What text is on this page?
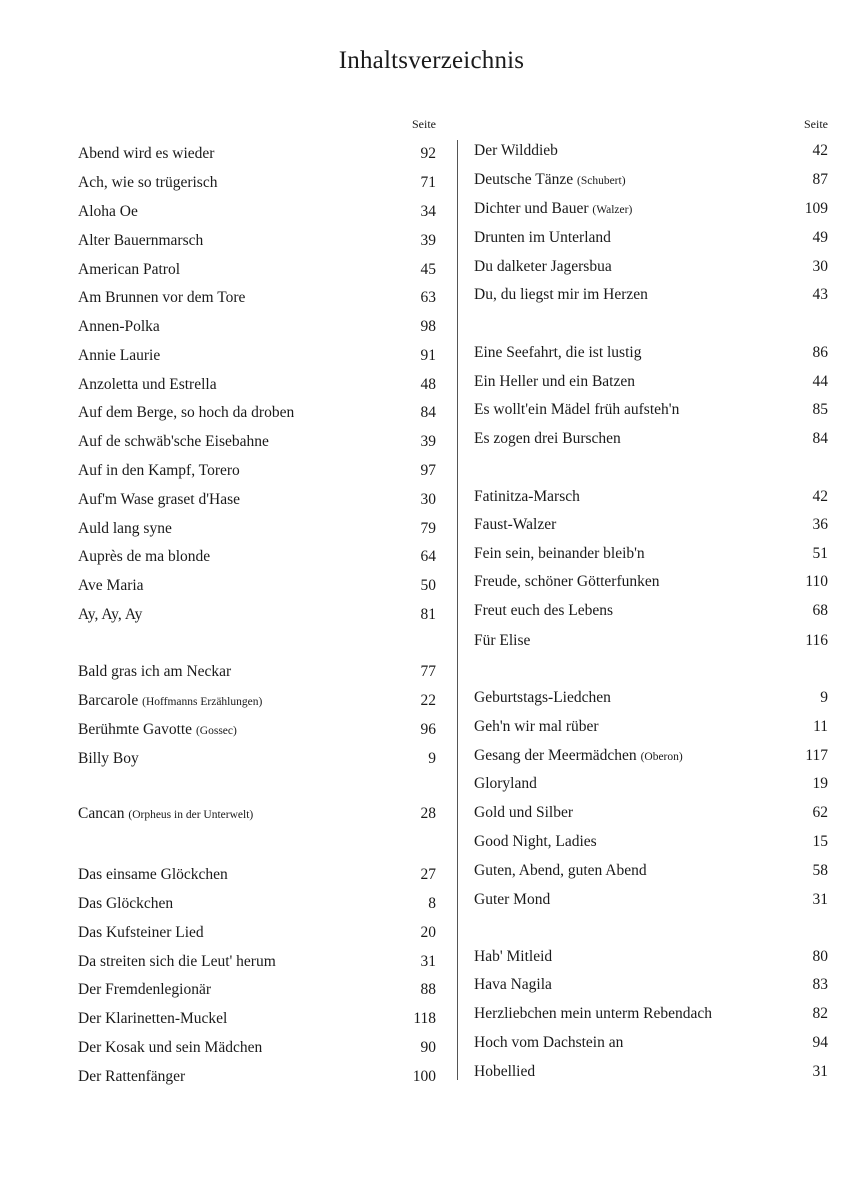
Inhaltsverzeichnis
Seite
Abend wird es wieder	92
Ach, wie so trügerisch	71
Aloha Oe	34
Alter Bauernmarsch	39
American Patrol	45
Am Brunnen vor dem Tore	63
Annen-Polka	98
Annie Laurie	91
Anzoletta und Estrella	48
Auf dem Berge, so hoch da droben	84
Auf de schwäb'sche Eisebahne	39
Auf in den Kampf, Torero	97
Auf'm Wase graset d'Hase	30
Auld lang syne	79
Auprès de ma blonde	64
Ave Maria	50
Ay, Ay, Ay	81
Bald gras ich am Neckar	77
Barcarole (Hoffmanns Erzählungen)	22
Berühmte Gavotte (Gossec)	96
Billy Boy	9
Cancan (Orpheus in der Unterwelt)	28
Das einsame Glöckchen	27
Das Glöckchen	8
Das Kufsteiner Lied	20
Da streiten sich die Leut' herum	31
Der Fremdenlegionär	88
Der Klarinetten-Muckel	118
Der Kosak und sein Mädchen	90
Der Rattenfänger	100
Seite
Der Wilddieb	42
Deutsche Tänze (Schubert)	87
Dichter und Bauer (Walzer)	109
Drunten im Unterland	49
Du dalketer Jagersbua	30
Du, du liegst mir im Herzen	43
Eine Seefahrt, die ist lustig	86
Ein Heller und ein Batzen	44
Es wollt'ein Mädel früh aufsteh'n	85
Es zogen drei Burschen	84
Fatinitza-Marsch	42
Faust-Walzer	36
Fein sein, beinander bleib'n	51
Freude, schöner Götterfunken	110
Freut euch des Lebens	68
Für Elise	116
Geburtstags-Liedchen	9
Geh'n wir mal rüber	11
Gesang der Meermädchen (Oberon)	117
Gloryland	19
Gold und Silber	62
Good Night, Ladies	15
Guten, Abend, guten Abend	58
Guter Mond	31
Hab' Mitleid	80
Hava Nagila	83
Herzliebchen mein unterm Rebendach	82
Hoch vom Dachstein an	94
Hobellied	31
